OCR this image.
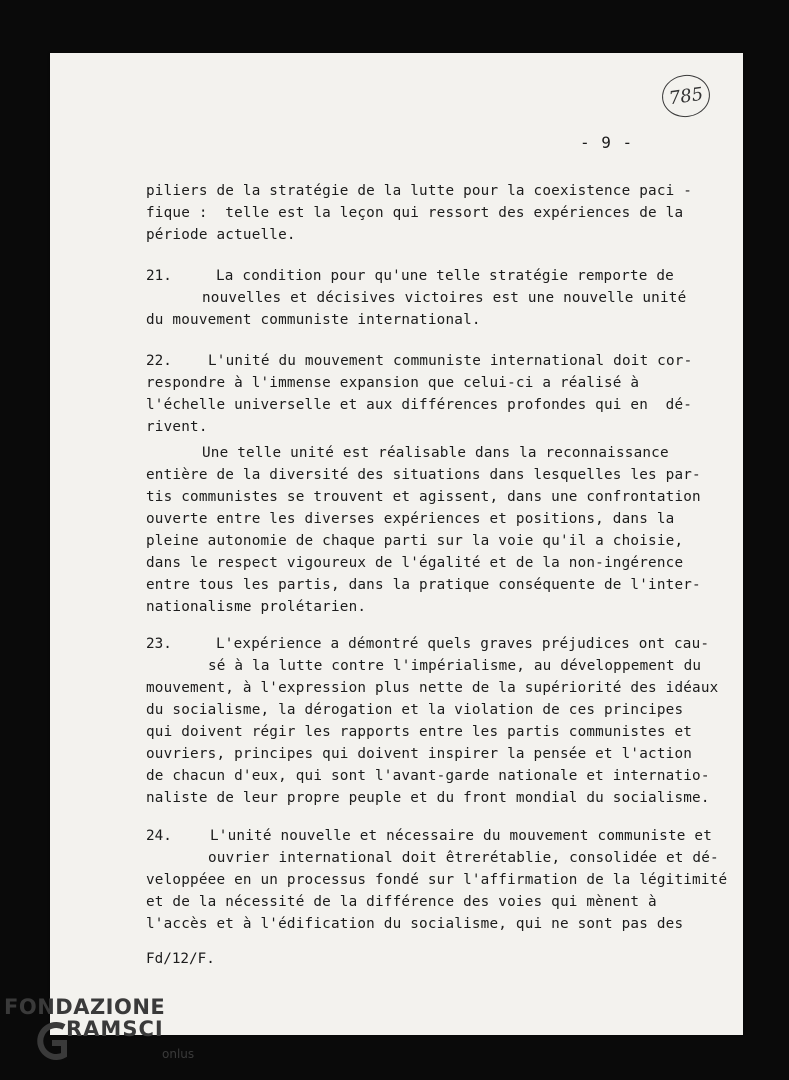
785
- 9 -
piliers de la stratégie de la lutte pour la coexistence paci -
fique :  telle est la leçon qui ressort des expériences de la
période actuelle.
21.	La condition pour qu'une telle stratégie remporte de
nouvelles et décisives victoires est une nouvelle unité
du mouvement communiste international.
22.	L'unité du mouvement communiste international doit cor-
respondre à l'immense expansion que celui-ci a réalisé à
l'échelle universelle et aux différences profondes qui en  dé-
rivent.
Une telle unité est réalisable dans la reconnaissance
entière de la diversité des situations dans lesquelles les par-
tis communistes se trouvent et agissent, dans une confrontation
ouverte entre les diverses expériences et positions, dans la
pleine autonomie de chaque parti sur la voie qu'il a choisie,
dans le respect vigoureux de l'égalité et de la non-ingérence
entre tous les partis, dans la pratique conséquente de l'inter-
nationalisme prolétarien.
23.	L'expérience a démontré quels graves préjudices ont cau-
sé à la lutte contre l'impérialisme, au développement du
mouvement, à l'expression plus nette de la supériorité des idéaux
du socialisme, la dérogation et la violation de ces principes
qui doivent régir les rapports entre les partis communistes et
ouvriers, principes qui doivent inspirer la pensée et l'action
de chacun d'eux, qui sont l'avant-garde nationale et internatio-
naliste de leur propre peuple et du front mondial du socialisme.
24.	L'unité nouvelle et nécessaire du mouvement communiste et
ouvrier international doit êtrerétablie, consolidée et dé-
veloppéee en un processus fondé sur l'affirmation de la légitimité
et de la nécessité de la différence des voies qui mènent à
l'accès et à l'édification du socialisme, qui ne sont pas des
Fd/12/F.
FONDAZIONE
RAMSCI
onlus
